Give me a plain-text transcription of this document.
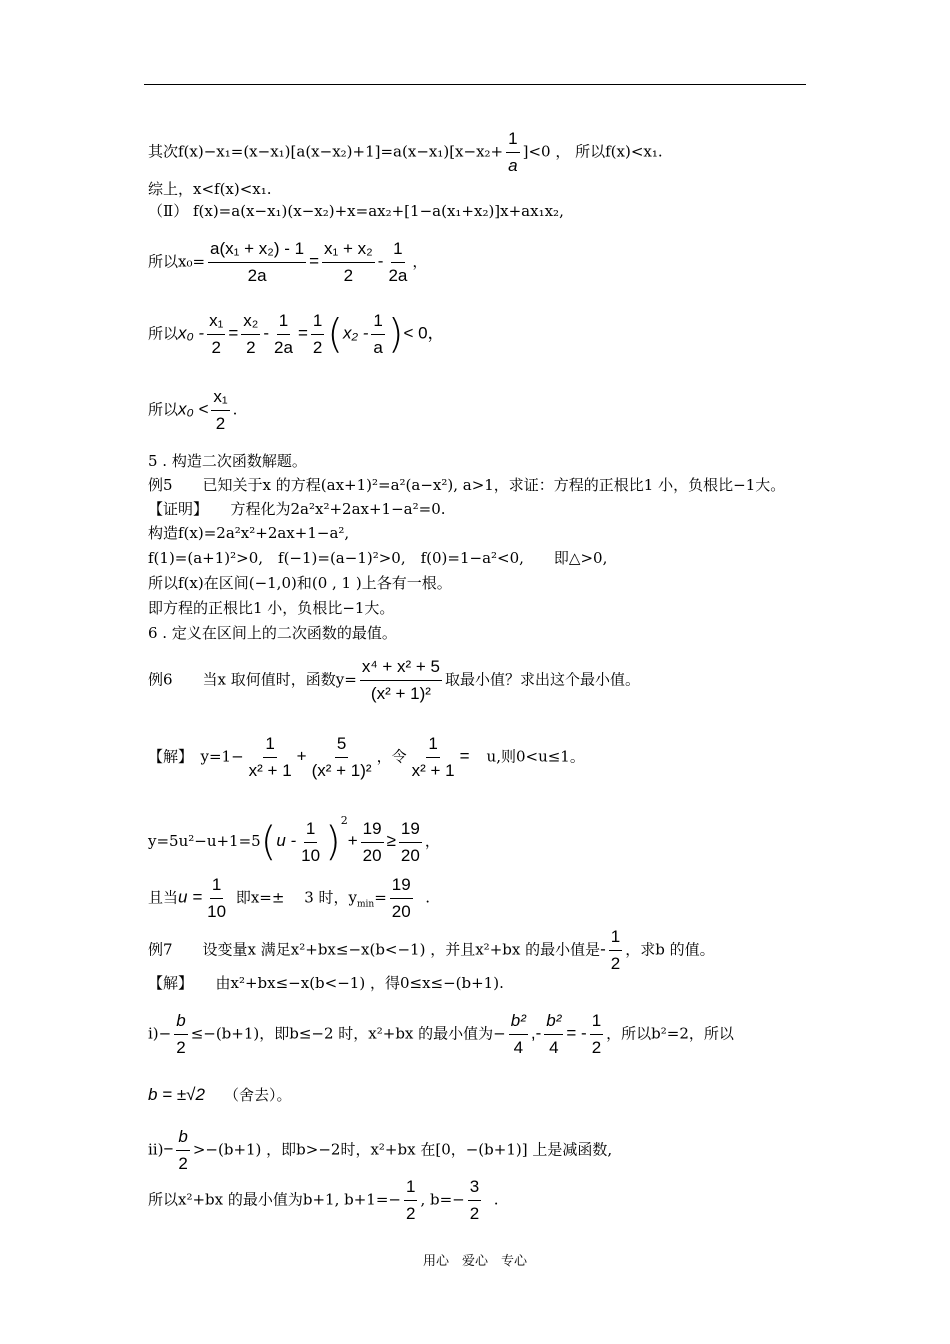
其次$f(x)-x_1=(x-x_1)[a(x-x_2)+1]=a(x-x_1)[x-x_2+ \frac{1}{a} ]<0$ ， 所以f(x)<x₁.
综上，x<f(x)<x₁.
（Ⅱ） f(x)=a(x−x₁)(x−x₂)+x=ax₂+[1−a(x₁+x₂)]x+ax₁x₂,
所以$x_0= \frac{\text{a(x₁ + x₂) - 1}}{2a} = \frac{\text{x₁ + x₂}}{2} - \frac{1}{2a}$ ，
所以$x_0 - \frac{\text{x₁}}{2} = \frac{\text{x₂}}{2} - \frac{1}{2a} = \frac{1}{2} (x_2 - \frac{1}{a}$ )< 0，
所以$x_0 < \frac{\text{x₁}}{2}$ .
5 . 构造二次函数解题。
例5　　已知关于x 的方程(ax+1)²=a²(a−x²), a>1，求证：方程的正根比1 小，负根比−1大。
【证明】　　方程化为2a²x²+2ax+1−a²=0.
构造f(x)=2a²x²+2ax+1−a²,
f(1)=(a+1)²>0,　f(−1)=(a−1)²>0,　f(0)=1−a²<0,　　即△>0,
所以f(x)在区间(−1,0)和(0 , 1 )上各有一根。
即方程的正根比1 小，负根比−1大。
6 . 定义在区间上的二次函数的最值。
例6　　当x 取何值时，函数$y= \frac{\text{x⁴ + x² + 5}}{\text{(x² + 1)²}}$ 取最小值？求出这个最小值。
【解】　$y=1- \frac{1}{\text{x² + 1}} + \frac{5}{\text{(x² + 1)²}}$ ，令 $\frac{1}{\text{x² + 1}}$ =　u,则0<u≤1。
$y=5u^2-u+1=5(u - \frac{1}{10} )^2+ \frac{19}{20} \ge \frac{19}{20}$ ，
且当$u = \frac{1}{10}$ 即x=± 　3 时，$y_{min}= \frac{19}{20}$ .
例7　　设变量x 满足x²+bx≤−x(b<−1) ，并且x²+bx 的最小值是- $\frac{1}{2}$ ，求b 的值。
【解】　　由x²+bx≤−x(b<−1) ，得0≤x≤−(b+1).
ⅰ)− $\frac{b}{2} \le-(b+1)$，即b≤−2 时，x²+bx 的最小值为− $\frac{\text{b²}}{4}$ ,- $\frac{\text{b²}}{4}$ = - $\frac{1}{2}$ ，所以b²=2，所以
b = ±√2 （舍去）。
ⅱ)− $\frac{b}{2} >-(b+1)$ ，即b>−2时，x²+bx 在[0，−(b+1)] 上是减函数,
所以x²+bx 的最小值为b+1, $b+1=- \frac{1}{2}$ , $b=- \frac{3}{2}$ .
用心　爱心　专心
